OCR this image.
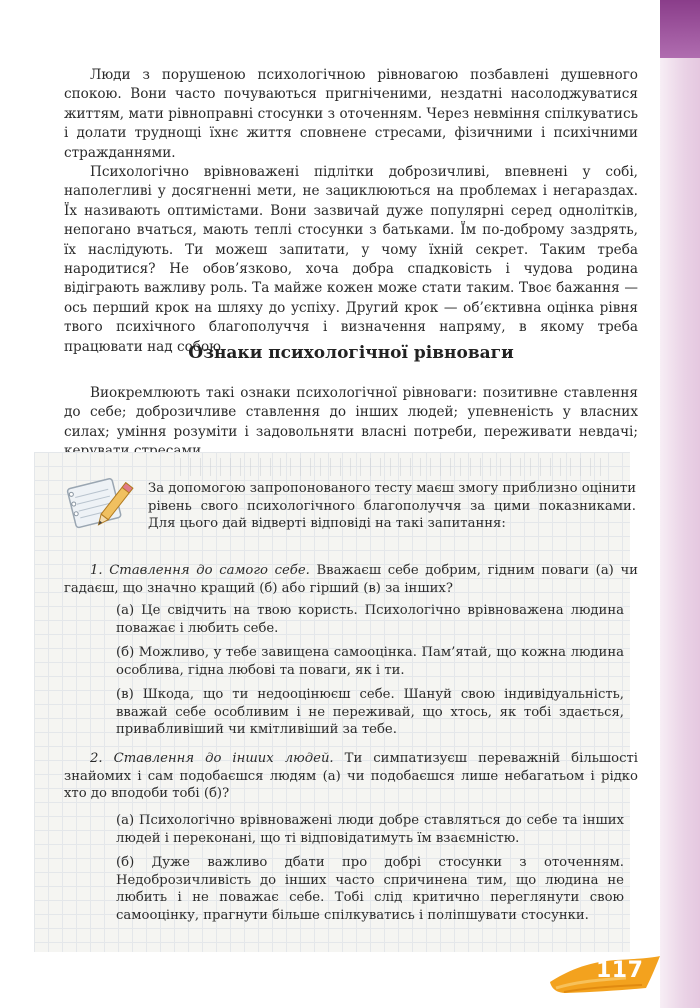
Люди з порушеною психологічною рівновагою позбавлені душевного спокою. Вони часто почуваються пригніченими, нездатні насолоджуватися життям, мати рівноправні стосунки з оточенням. Через невміння спілкуватись і долати труднощі їхнє життя сповнене стресами, фізичними і психічними стражданнями.

Психологічно врівноважені підлітки доброзичливі, впевнені у собі, наполегливі у досягненні мети, не зациклюються на проблемах і негараздах. Їх називають оптимістами. Вони зазвичай дуже популярні серед однолітків, непогано вчаться, мають теплі стосунки з батьками. Їм по-доброму заздрять, їх наслідують. Ти можеш запитати, у чому їхній секрет. Таким треба народитися? Не обов’язково, хоча добра спадковість і чудова родина відіграють важливу роль. Та майже кожен може стати таким. Твоє бажання — ось перший крок на шляху до успіху. Другий крок — об’єктивна оцінка рівня твого психічного благополуччя і визначення напряму, в якому треба працювати над собою.

Ознаки психологічної рівноваги

Виокремлюють такі ознаки психологічної рівноваги: позитивне ставлення до себе; доброзичливе ставлення до інших людей; упевненість у власних силах; уміння розуміти і задовольняти власні потреби, переживати невдачі;

За допомогою запропонованого тесту маєш змогу приблизно оцінити рівень свого психологічного благополуччя за цими показниками. Для цього дай відверті відповіді на такі запитання:

1. Ставлення до самого себе. Вважаєш себе добрим, гідним поваги (а) чи гадаєш, що значно кращий (б) або гірший (в) за інших?

(а) Це свідчить на твою користь. Психологічно врівноважена людина поважає і любить себе.

(б) Можливо, у тебе завищена самооцінка. Пам’ятай, що кожна людина особлива, гідна любові та поваги, як і ти.

(в) Шкода, що ти недооцінюєш себе. Шануй свою індивідуальність, вважай себе особливим і не переживай, що хтось, як тобі здається, привабливіший чи кмітливіший за тебе.

2. Ставлення до інших людей. Ти симпатизуєш переважній більшості знайомих і сам подобаєшся людям (а) чи подобаєшся лише небагатьом і рідко хто до вподоби тобі (б)?

(а) Психологічно врівноважені люди добре ставляться до себе та інших людей і переконані, що ті відповідатимуть їм взаємністю.

(б) Дуже важливо дбати про добрі стосунки з оточенням. Недоброзичливість до інших часто спричинена тим, що людина не любить і не поважає себе. Тобі слід критично переглянути свою самооцінку, прагнути більше спілкуватись і поліпшувати стосунки.

117
